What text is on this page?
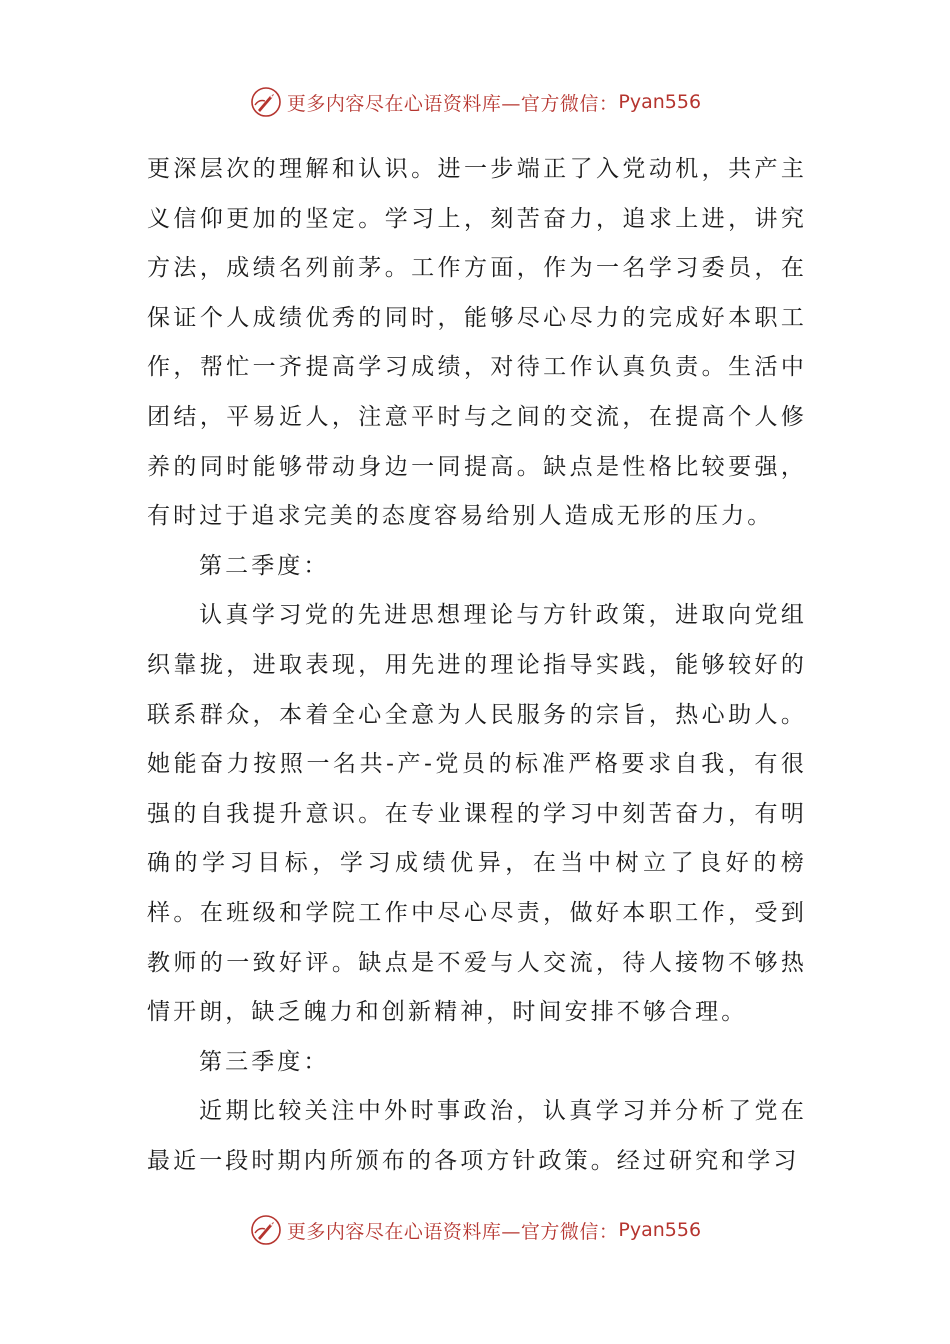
更多内容尽在心语资料库—官方微信： Pyan556

更深层次的理解和认识。进一步端正了入党动机，共产主义信仰更加的坚定。学习上，刻苦奋力，追求上进，讲究方法，成绩名列前茅。工作方面，作为一名学习委员，在保证个人成绩优秀的同时，能够尽心尽力的完成好本职工作，帮忙一齐提高学习成绩，对待工作认真负责。生活中团结，平易近人，注意平时与之间的交流，在提高个人修养的同时能够带动身边一同提高。缺点是性格比较要强，有时过于追求完美的态度容易给别人造成无形的压力。

第二季度：

认真学习党的先进思想理论与方针政策，进取向党组织靠拢，进取表现，用先进的理论指导实践，能够较好的联系群众，本着全心全意为人民服务的宗旨，热心助人。她能奋力按照一名共-产-党员的标准严格要求自我，有很强的自我提升意识。在专业课程的学习中刻苦奋力，有明确的学习目标，学习成绩优异，在当中树立了良好的榜样。在班级和学院工作中尽心尽责，做好本职工作，受到教师的一致好评。缺点是不爱与人交流，待人接物不够热情开朗，缺乏魄力和创新精神，时间安排不够合理。

第三季度：

近期比较关注中外时事政治，认真学习并分析了党在最近一段时期内所颁布的各项方针政策。经过研究和学习

更多内容尽在心语资料库—官方微信： Pyan556
